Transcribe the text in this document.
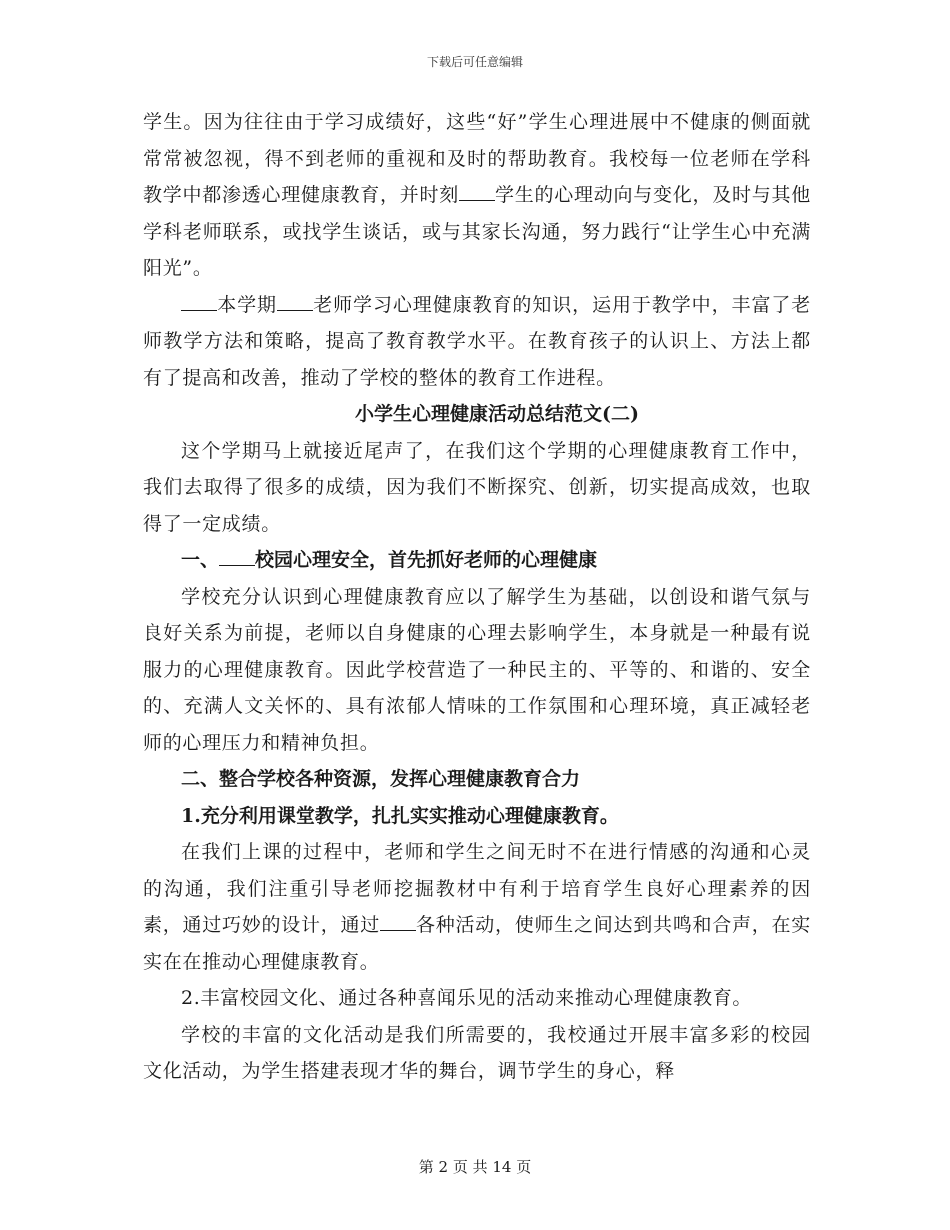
下载后可任意编辑

学生。因为往往由于学习成绩好，这些“好”学生心理进展中不健康的侧面就常常被忽视，得不到老师的重视和及时的帮助教育。我校每一位老师在学科教学中都渗透心理健康教育，并时刻 学生的心理动向与变化，及时与其他学科老师联系，或找学生谈话，或与其家长沟通，努力践行“让学生心中充满阳光”。

本学期 老师学习心理健康教育的知识，运用于教学中，丰富了老师教学方法和策略，提高了教育教学水平。在教育孩子的认识上、方法上都有了提高和改善，推动了学校的整体的教育工作进程。

小学生心理健康活动总结范文(二)

这个学期马上就接近尾声了，在我们这个学期的心理健康教育工作中，我们去取得了很多的成绩，因为我们不断探究、创新，切实提高成效，也取得了一定成绩。

一、 校园心理安全，首先抓好老师的心理健康

学校充分认识到心理健康教育应以了解学生为基础，以创设和谐气氛与良好关系为前提，老师以自身健康的心理去影响学生，本身就是一种最有说服力的心理健康教育。因此学校营造了一种民主的、平等的、和谐的、安全的、充满人文关怀的、具有浓郁人情味的工作氛围和心理环境，真正减轻老师的心理压力和精神负担。

二、整合学校各种资源，发挥心理健康教育合力

1.充分利用课堂教学，扎扎实实推动心理健康教育。

在我们上课的过程中，老师和学生之间无时不在进行情感的沟通和心灵的沟通，我们注重引导老师挖掘教材中有利于培育学生良好心理素养的因素，通过巧妙的设计，通过 各种活动，使师生之间达到共鸣和合声，在实实在在推动心理健康教育。

2.丰富校园文化、通过各种喜闻乐见的活动来推动心理健康教育。

学校的丰富的文化活动是我们所需要的，我校通过开展丰富多彩的校园文化活动，为学生搭建表现才华的舞台，调节学生的身心，释

第 2 页 共 14 页
